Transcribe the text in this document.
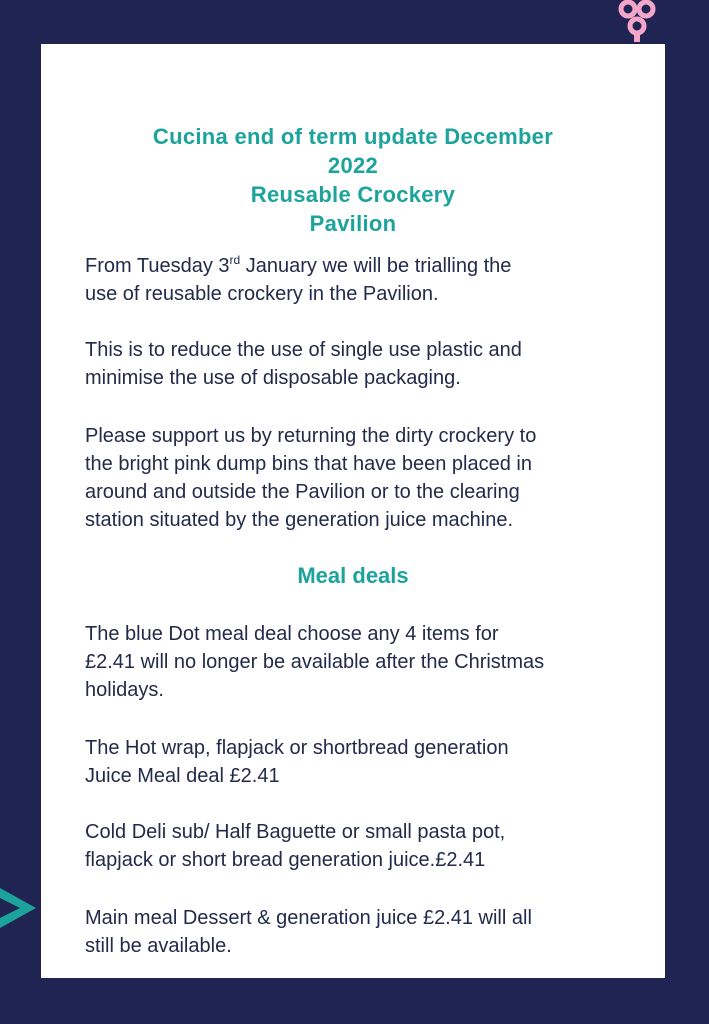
Cucina end of term update December
2022
Reusable Crockery
Pavilion

From Tuesday 3rd January we will be trialling the

use of reusable crockery in the Pavilion.

This is to reduce the use of single use plastic and

minimise the use of disposable packaging.

Please support us by returning the dirty crockery to

the bright pink dump bins that have been placed in

around and outside the Pavilion or to the clearing

station situated by the generation juice machine.

Meal deals

The blue Dot meal deal choose any 4 items for

£2.41 will no longer be available after the Christmas

holidays.

The Hot wrap, flapjack or shortbread generation

Juice Meal deal £2.41

Cold Deli sub/ Half Baguette or small pasta pot,

flapjack or short bread generation juice.£2.41

Main meal Dessert & generation juice £2.41 will all

still be available.
